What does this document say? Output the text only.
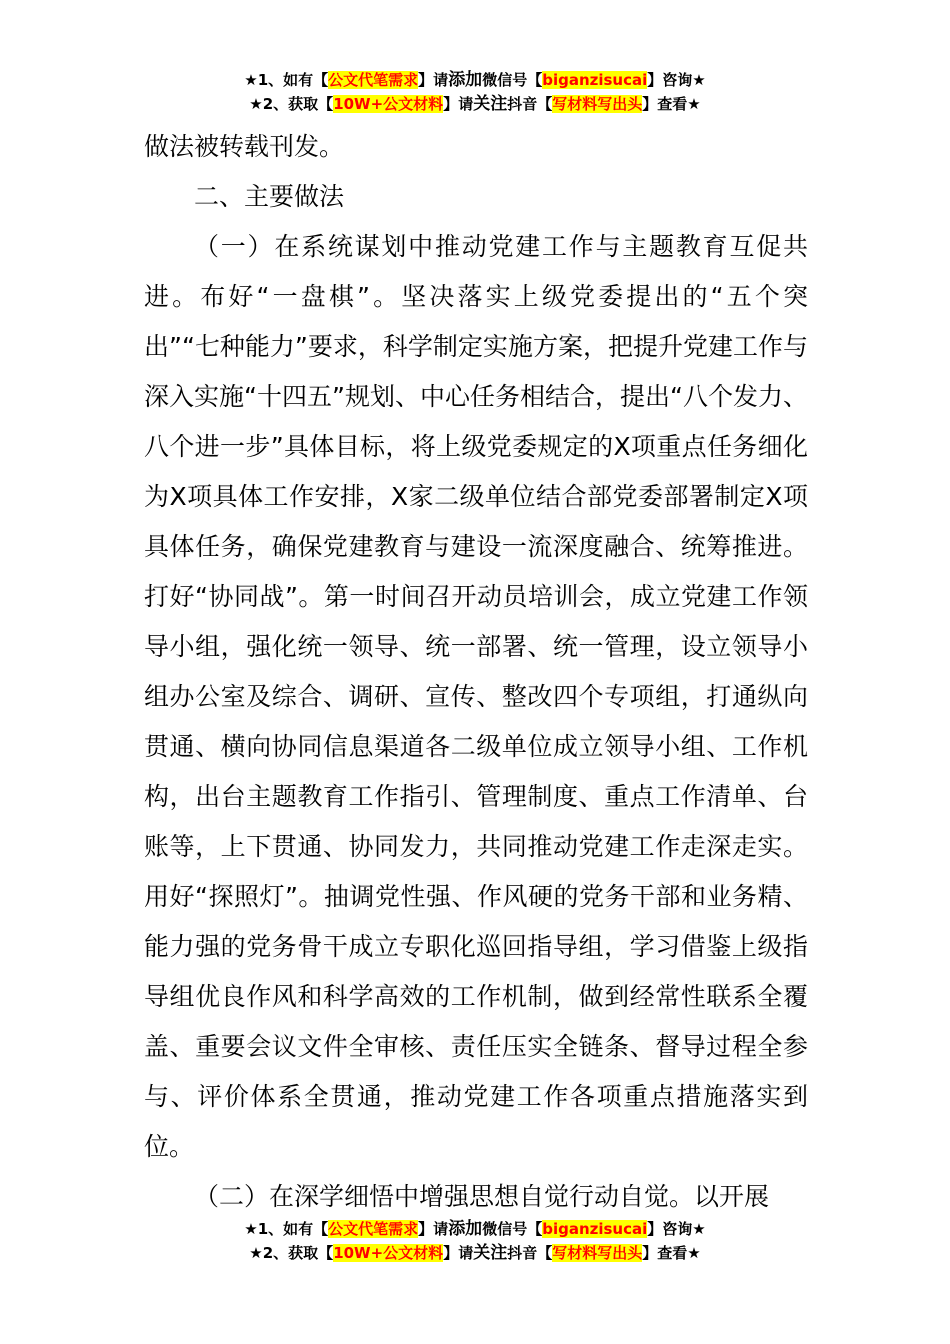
★1、如有【公文代笔需求】请添加微信号【biganzisucai】咨询★
★2、获取【10W+公文材料】请关注抖音【写材料写出头】查看★

做法被转载刊发。

二、主要做法

（一）在系统谋划中推动党建工作与主题教育互促共进。布好“一盘棋”。坚决落实上级党委提出的“五个突出”“七种能力”要求，科学制定实施方案，把提升党建工作与深入实施“十四五”规划、中心任务相结合，提出“八个发力、八个进一步”具体目标，将上级党委规定的X项重点任务细化为X项具体工作安排，X家二级单位结合部党委部署制定X项具体任务，确保党建教育与建设一流深度融合、统筹推进。打好“协同战”。第一时间召开动员培训会，成立党建工作领导小组，强化统一领导、统一部署、统一管理，设立领导小组办公室及综合、调研、宣传、整改四个专项组，打通纵向贯通、横向协同信息渠道各二级单位成立领导小组、工作机构，出台主题教育工作指引、管理制度、重点工作清单、台账等，上下贯通、协同发力，共同推动党建工作走深走实。用好“探照灯”。抽调党性强、作风硬的党务干部和业务精、能力强的党务骨干成立专职化巡回指导组，学习借鉴上级指导组优良作风和科学高效的工作机制，做到经常性联系全覆盖、重要会议文件全审核、责任压实全链条、督导过程全参与、评价体系全贯通，推动党建工作各项重点措施落实到位。

（二）在深学细悟中增强思想自觉行动自觉。以开展

★1、如有【公文代笔需求】请添加微信号【biganzisucai】咨询★
★2、获取【10W+公文材料】请关注抖音【写材料写出头】查看★
